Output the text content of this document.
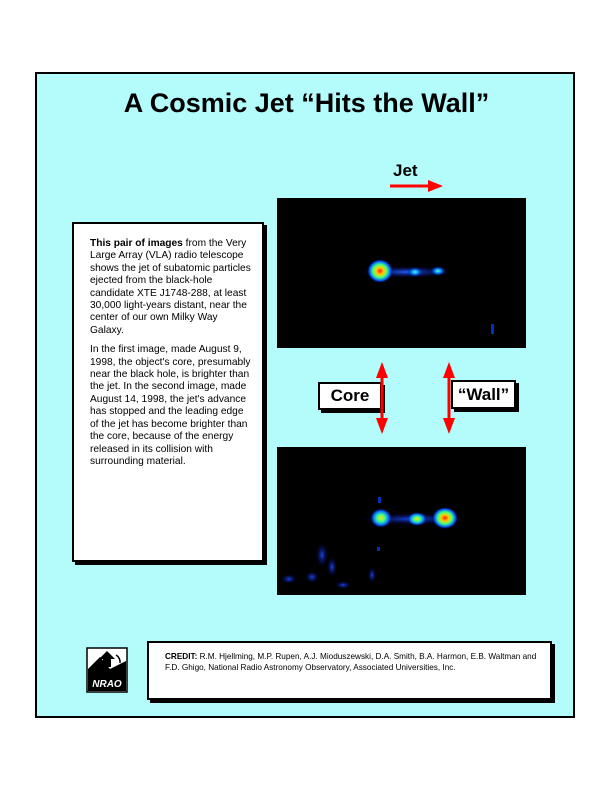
A Cosmic Jet “Hits the Wall”

This pair of images from the Very Large Array (VLA) radio telescope shows the jet of subatomic particles ejected from the black-hole candidate XTE J1748-288, at least 30,000 light-years distant, near the center of our own Milky Way Galaxy.

In the first image, made August 9, 1998, the object's core, presumably near the black hole, is brighter than the jet. In the second image, made August 14, 1998, the jet's advance has stopped and the leading edge of the jet has become brighter than the core, because of the energy released in its collision with surrounding material.

Jet
Core	“Wall”
NRAO
CREDIT: R.M. Hjellming, M.P. Rupen, A.J. Mioduszewski, D.A. Smith, B.A. Harmon, E.B. Waltman and F.D. Ghigo, National Radio Astronomy Observatory, Associated Universities, Inc.
